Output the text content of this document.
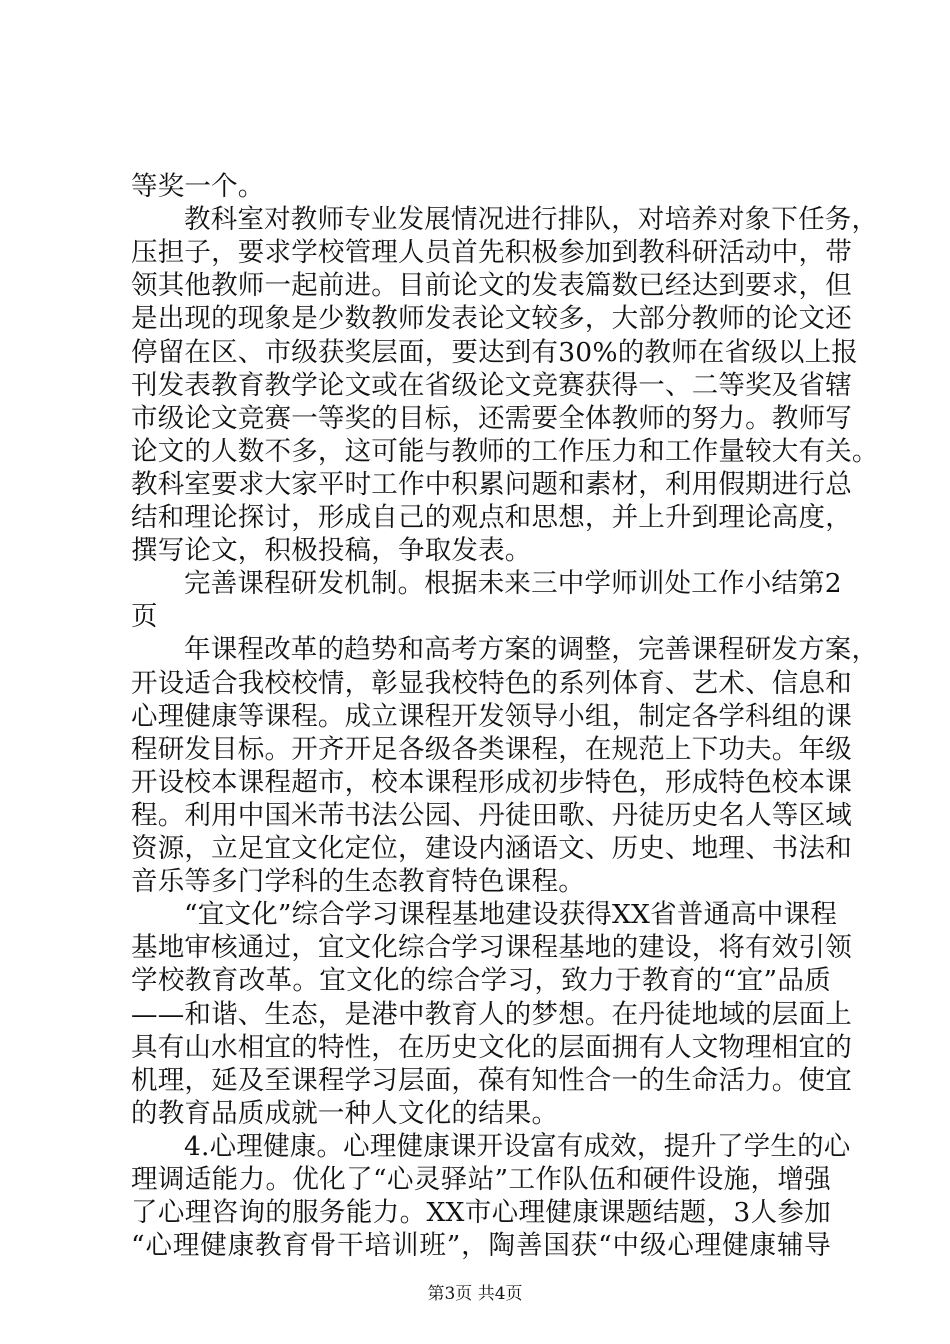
等奖一个。
教科室对教师专业发展情况进行排队，对培养对象下任务，
压担子，要求学校管理人员首先积极参加到教科研活动中，带
领其他教师一起前进。目前论文的发表篇数已经达到要求，但
是出现的现象是少数教师发表论文较多，大部分教师的论文还
停留在区、市级获奖层面，要达到有30%的教师在省级以上报
刊发表教育教学论文或在省级论文竞赛获得一、二等奖及省辖
市级论文竞赛一等奖的目标，还需要全体教师的努力。教师写
论文的人数不多，这可能与教师的工作压力和工作量较大有关。
教科室要求大家平时工作中积累问题和素材，利用假期进行总
结和理论探讨，形成自己的观点和思想，并上升到理论高度，
撰写论文，积极投稿，争取发表。
完善课程研发机制。根据未来三中学师训处工作小结第2
页
年课程改革的趋势和高考方案的调整，完善课程研发方案，
开设适合我校校情，彰显我校特色的系列体育、艺术、信息和
心理健康等课程。成立课程开发领导小组，制定各学科组的课
程研发目标。开齐开足各级各类课程，在规范上下功夫。年级
开设校本课程超市，校本课程形成初步特色，形成特色校本课
程。利用中国米芾书法公园、丹徒田歌、丹徒历史名人等区域
资源，立足宜文化定位，建设内涵语文、历史、地理、书法和
音乐等多门学科的生态教育特色课程。
“宜文化”综合学习课程基地建设获得XX省普通高中课程
基地审核通过，宜文化综合学习课程基地的建设，将有效引领
学校教育改革。宜文化的综合学习，致力于教育的“宜”品质
——和谐、生态，是港中教育人的梦想。在丹徒地域的层面上
具有山水相宜的特性，在历史文化的层面拥有人文物理相宜的
机理，延及至课程学习层面，葆有知性合一的生命活力。使宜
的教育品质成就一种人文化的结果。
4.心理健康。心理健康课开设富有成效，提升了学生的心
理调适能力。优化了“心灵驿站”工作队伍和硬件设施，增强
了心理咨询的服务能力。XX市心理健康课题结题，3人参加
“心理健康教育骨干培训班”，陶善国获“中级心理健康辅导
第3页 共4页
